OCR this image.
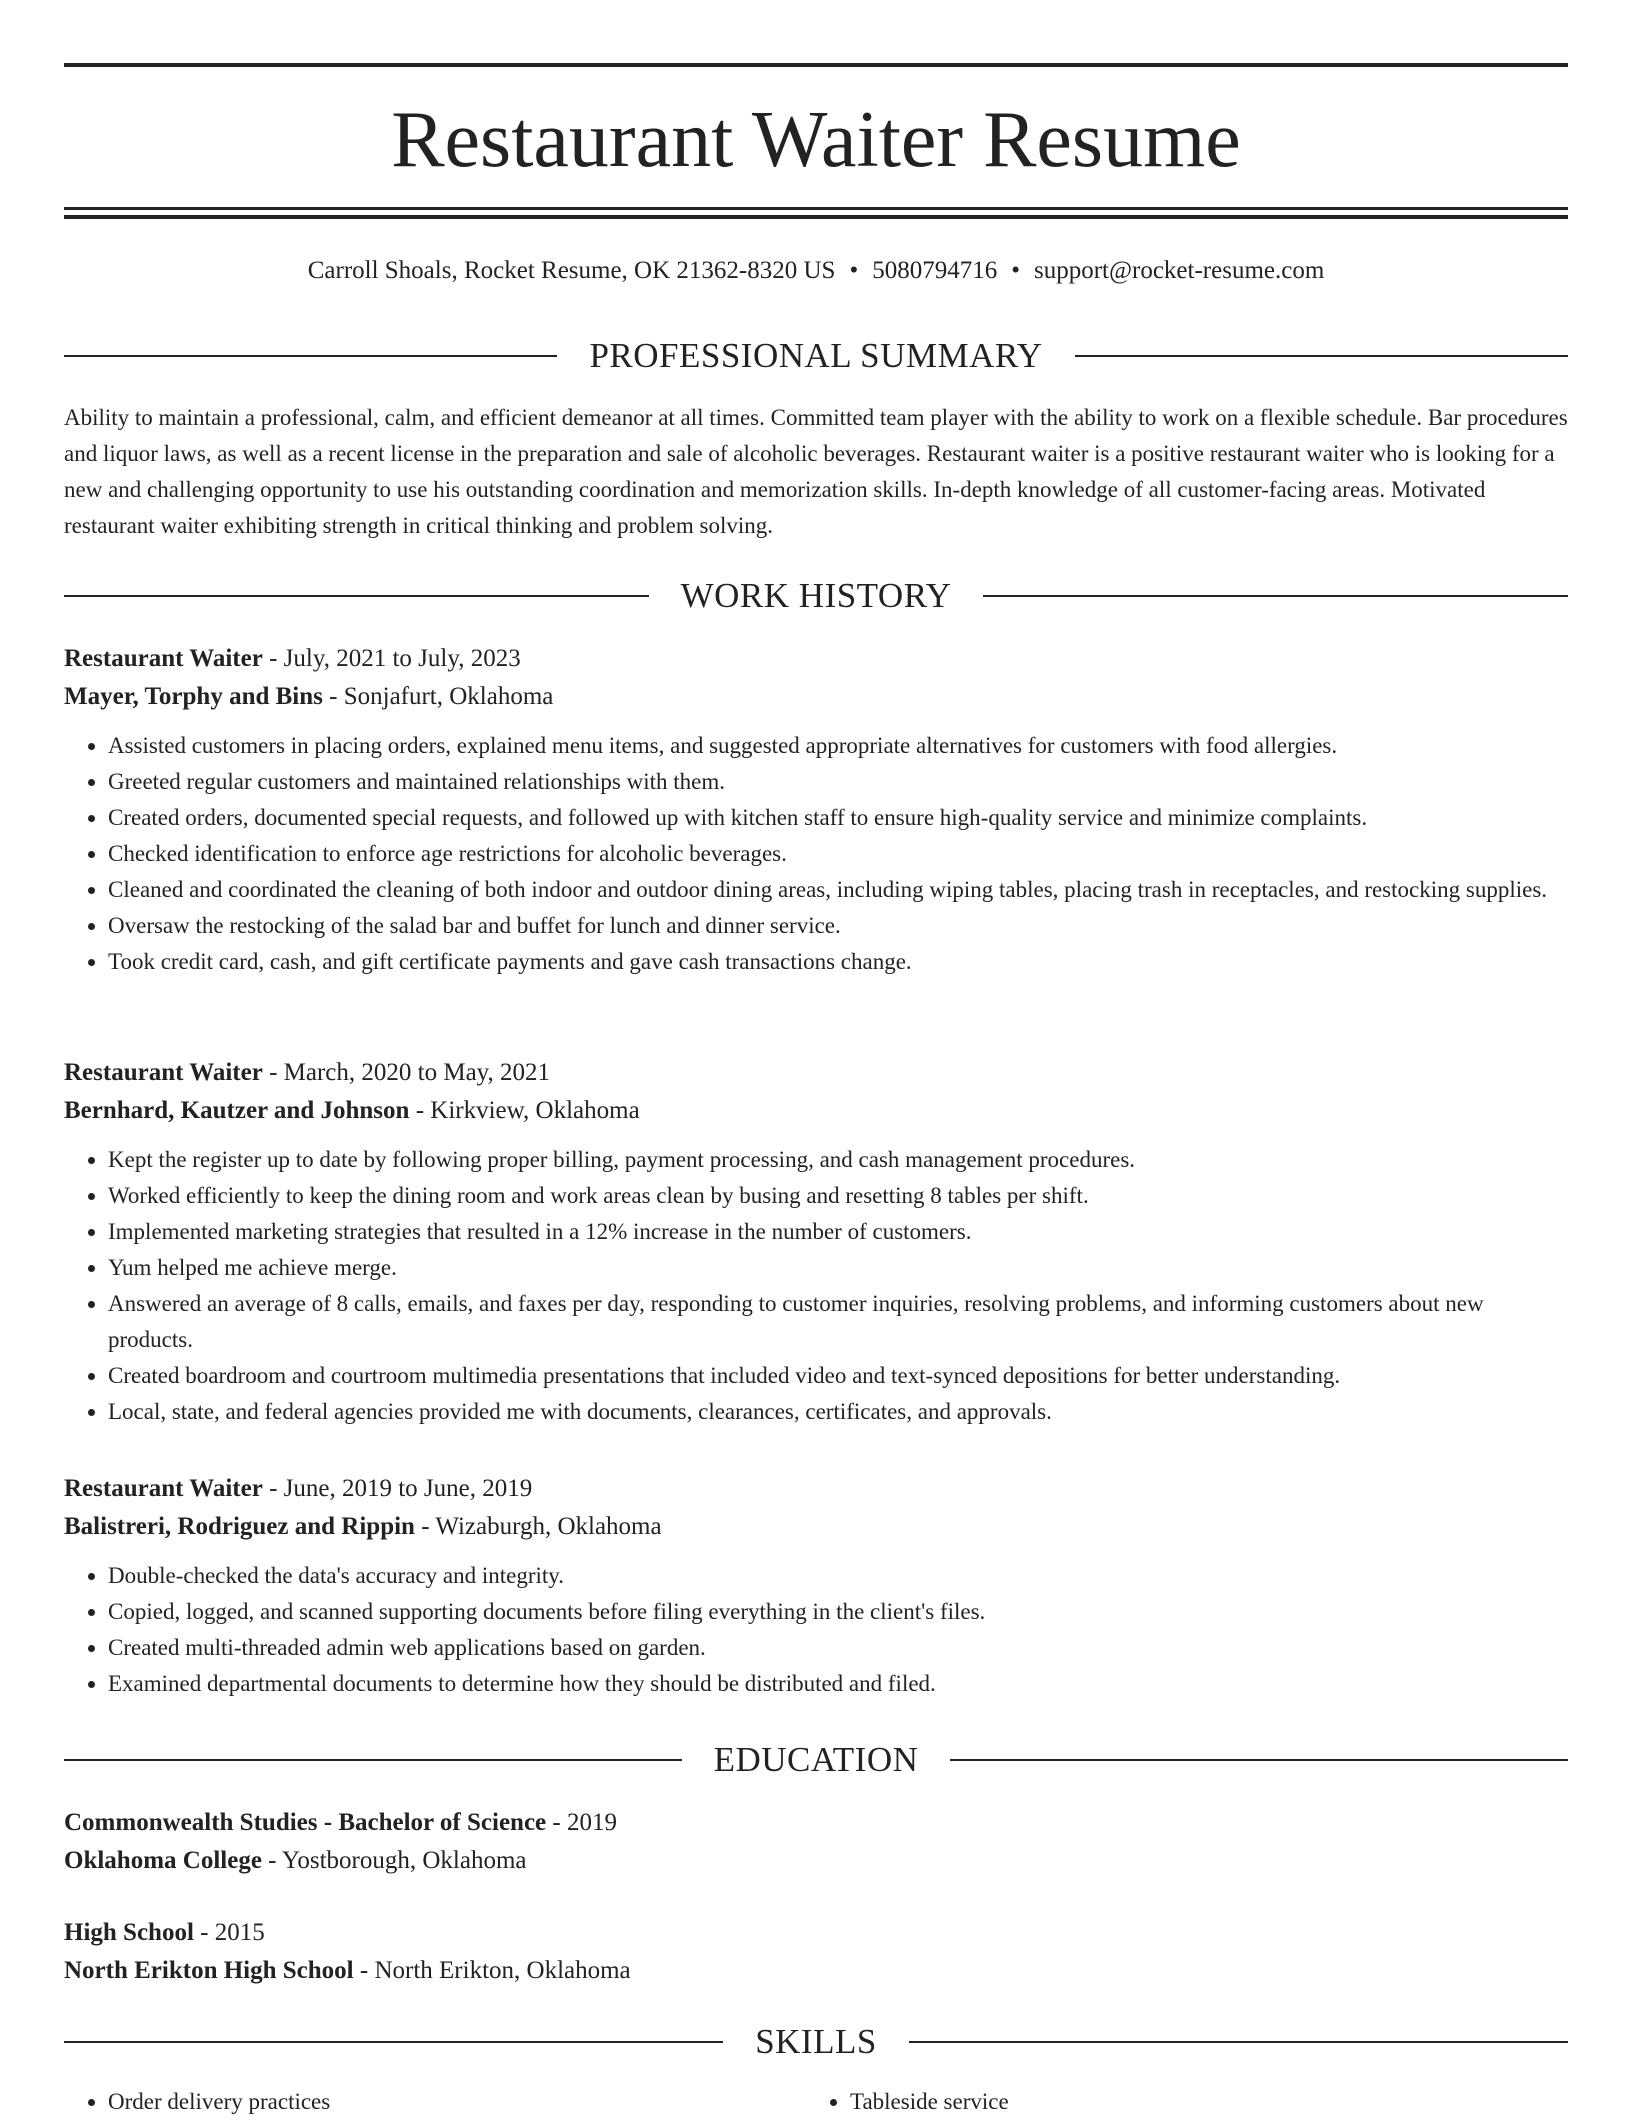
Restaurant Waiter Resume
Carroll Shoals, Rocket Resume, OK 21362-8320 US • 5080794716 • support@rocket-resume.com
PROFESSIONAL SUMMARY

Ability to maintain a professional, calm, and efficient demeanor at all times. Committed team player with the ability to work on a flexible schedule. Bar procedures and liquor laws, as well as a recent license in the preparation and sale of alcoholic beverages. Restaurant waiter is a positive restaurant waiter who is looking for a new and challenging opportunity to use his outstanding coordination and memorization skills. In-depth knowledge of all customer-facing areas. Motivated restaurant waiter exhibiting strength in critical thinking and problem solving.

WORK HISTORY
Restaurant Waiter - July, 2021 to July, 2023
Mayer, Torphy and Bins - Sonjafurt, Oklahoma
• Assisted customers in placing orders, explained menu items, and suggested appropriate alternatives for customers with food allergies.
• Greeted regular customers and maintained relationships with them.
• Created orders, documented special requests, and followed up with kitchen staff to ensure high-quality service and minimize complaints.
• Checked identification to enforce age restrictions for alcoholic beverages.
• Cleaned and coordinated the cleaning of both indoor and outdoor dining areas, including wiping tables, placing trash in receptacles, and restocking supplies.
• Oversaw the restocking of the salad bar and buffet for lunch and dinner service.
• Took credit card, cash, and gift certificate payments and gave cash transactions change.
Restaurant Waiter - March, 2020 to May, 2021
Bernhard, Kautzer and Johnson - Kirkview, Oklahoma
• Kept the register up to date by following proper billing, payment processing, and cash management procedures.
• Worked efficiently to keep the dining room and work areas clean by busing and resetting 8 tables per shift.
• Implemented marketing strategies that resulted in a 12% increase in the number of customers.
• Yum helped me achieve merge.
• Answered an average of 8 calls, emails, and faxes per day, responding to customer inquiries, resolving problems, and informing customers about new products.
• Created boardroom and courtroom multimedia presentations that included video and text-synced depositions for better understanding.
• Local, state, and federal agencies provided me with documents, clearances, certificates, and approvals.
Restaurant Waiter - June, 2019 to June, 2019
Balistreri, Rodriguez and Rippin - Wizaburgh, Oklahoma
• Double-checked the data's accuracy and integrity.
• Copied, logged, and scanned supporting documents before filing everything in the client's files.
• Created multi-threaded admin web applications based on garden.
• Examined departmental documents to determine how they should be distributed and filed.
EDUCATION
Commonwealth Studies - Bachelor of Science - 2019
Oklahoma College - Yostborough, Oklahoma
High School - 2015
North Erikton High School - North Erikton, Oklahoma
SKILLS
• Order delivery practices
•	Tableside service
